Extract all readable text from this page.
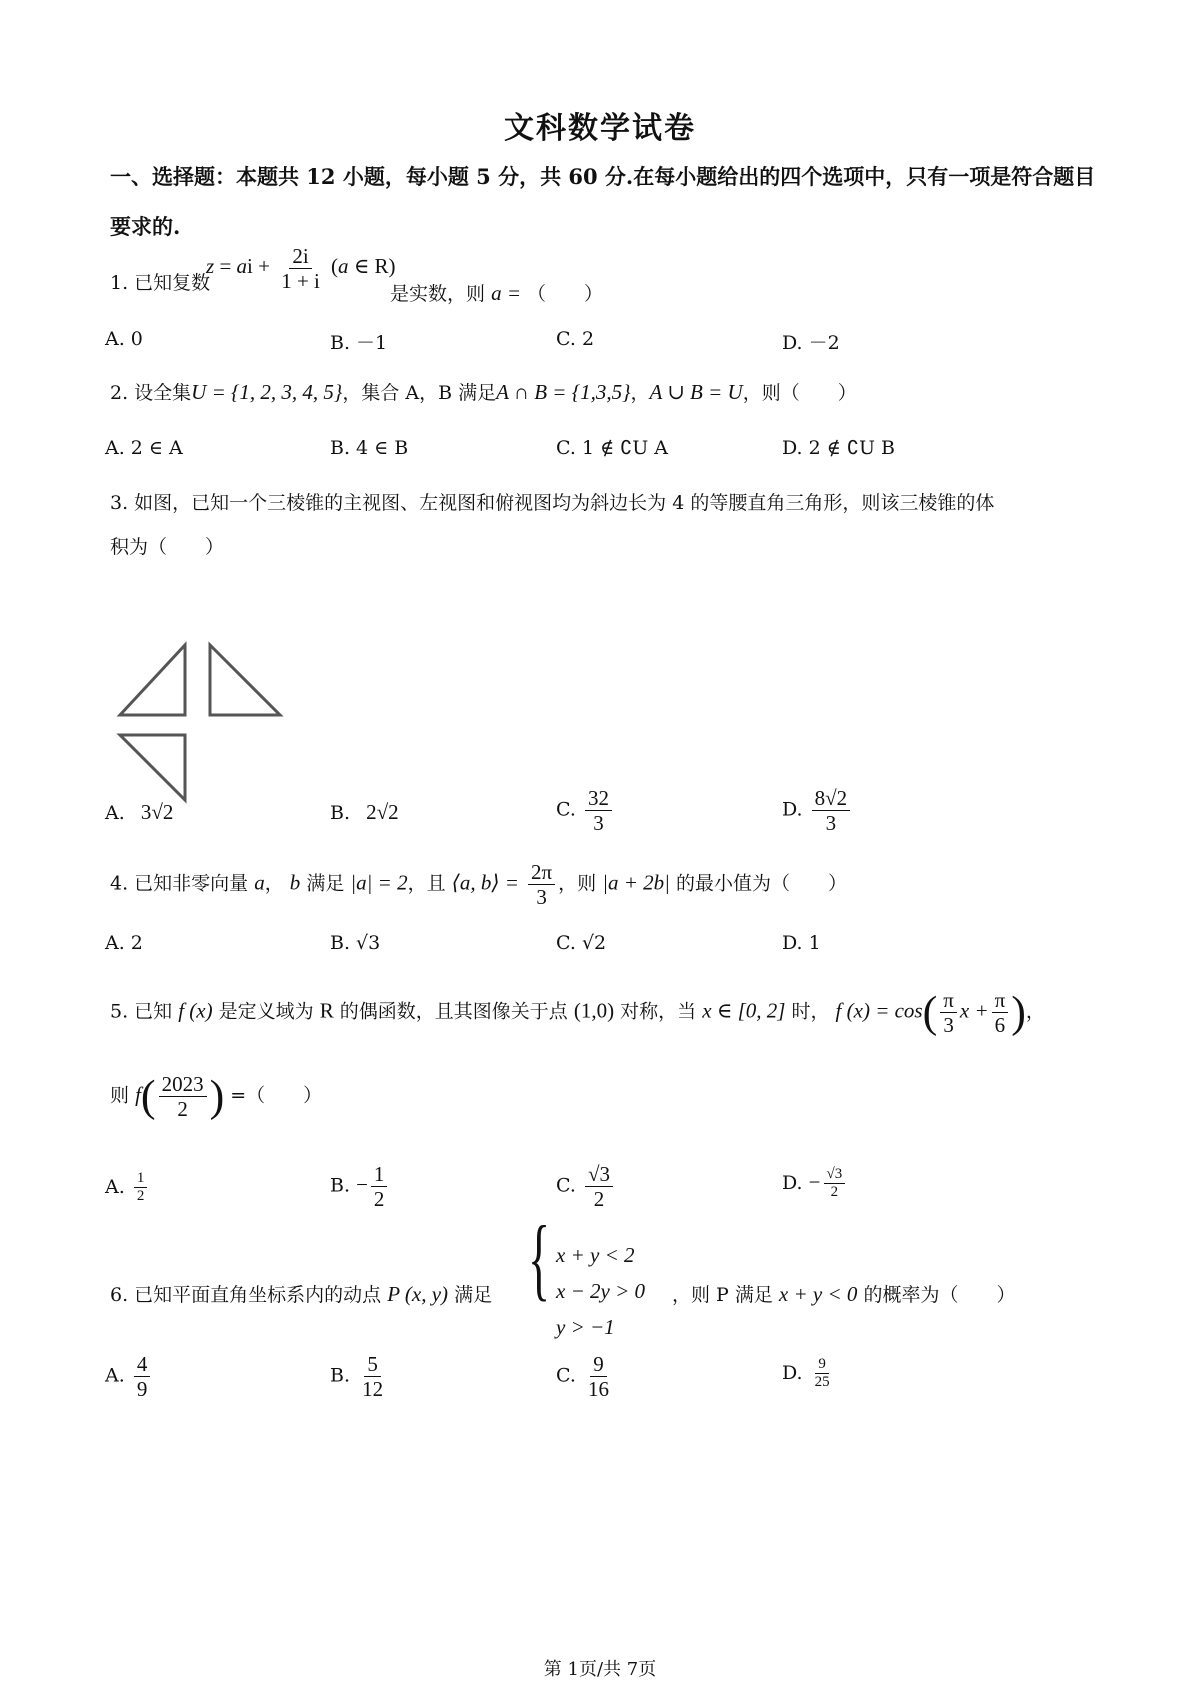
文科数学试卷
一、选择题：本题共 12 小题，每小题 5 分，共 60 分.在每小题给出的四个选项中，只有一项是符合题目要求的.
1. 已知复数
z = ai + $\frac{2i}{1 + i} (a$ ∈ R)
是实数，则 a = （　　）
A. 0	B. －1	C. 2	D. －2
2. 设全集U = {1, 2, 3, 4, 5}，集合 A，B 满足A ∩ B = {1,3,5}，A ∪ B = U，则（　　）
A. 2 ∈ A	B. 4 ∈ B	C. 1 ∉ ∁U A	D. 2 ∉ ∁U B
3. 如图，已知一个三棱锥的主视图、左视图和俯视图均为斜边长为 4 的等腰直角三角形，则该三棱锥的体
积为（　　）
A. 3√2	B. 2√2	C. $\frac{32}{3}$	D. $\frac{8√2}{3}$
4. 已知非零向量 a， b 满足 |a| = 2，且 ⟨a, b⟩ = $\frac{2\pi}{3}$ ，则 |a + 2b| 的最小值为（　　）
A. 2	B. √3	C. √2	D. 1
5. 已知 f (x) 是定义域为 R 的偶函数，且其图像关于点 (1,0) 对称，当 x ∈ [0, 2] 时， f $(x) = \cos( \frac{\pi}{3}$ $x + \frac{\pi}{6}$ )，
则 $f( \frac{2023}{2}$ ) =（　　）
A. $\frac{1}{2}$	B. − $\frac{1}{2}$	C. $\frac{√3}{2}$	D. − $\frac{√3}{2}$
6. 已知平面直角坐标系内的动点 P (x, y) 满足 { x + y < 2
x − 2y > 0
y > −1
，则 P 满足 x + y < 0 的概率为（　　）
A. $\frac{4}{9}$	B. $\frac{5}{12}$	C. $\frac{9}{16}$	D. $\frac{9}{25}$
第 1页/共 7页
